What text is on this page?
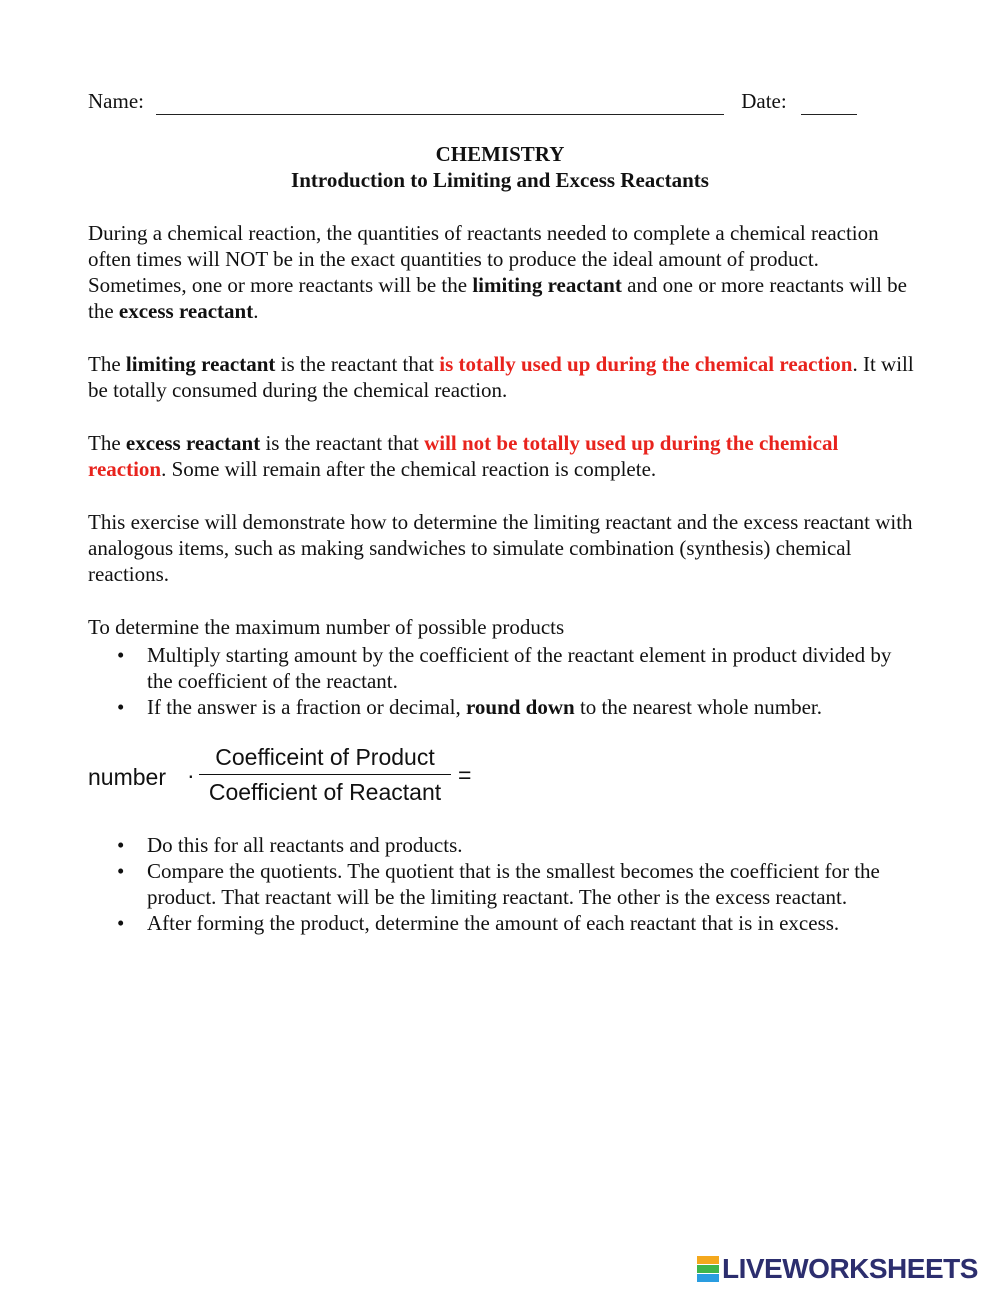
Name:	Date:
CHEMISTRY
Introduction to Limiting and Excess Reactants
During a chemical reaction, the quantities of reactants needed to complete a chemical reaction often times will NOT be in the exact quantities to produce the ideal amount of product. Sometimes, one or more reactants will be the limiting reactant and one or more reactants will be the excess reactant.
The limiting reactant is the reactant that is totally used up during the chemical reaction. It will be totally consumed during the chemical reaction.
The excess reactant is the reactant that will not be totally used up during the chemical reaction. Some will remain after the chemical reaction is complete.
This exercise will demonstrate how to determine the limiting reactant and the excess reactant with analogous items, such as making sandwiches to simulate combination (synthesis) chemical reactions.
To determine the maximum number of possible products
• Multiply starting amount by the coefficient of the reactant element in product divided by the coefficient of the reactant.
• If the answer is a fraction or decimal, round down to the nearest whole number.
number ·
Coefficeint of Product
Coefficient of Reactant
=
• Do this for all reactants and products.
• Compare the quotients. The quotient that is the smallest becomes the coefficient for the product. That reactant will be the limiting reactant. The other is the excess reactant.
• After forming the product, determine the amount of each reactant that is in excess.
LIVEWORKSHEETS
